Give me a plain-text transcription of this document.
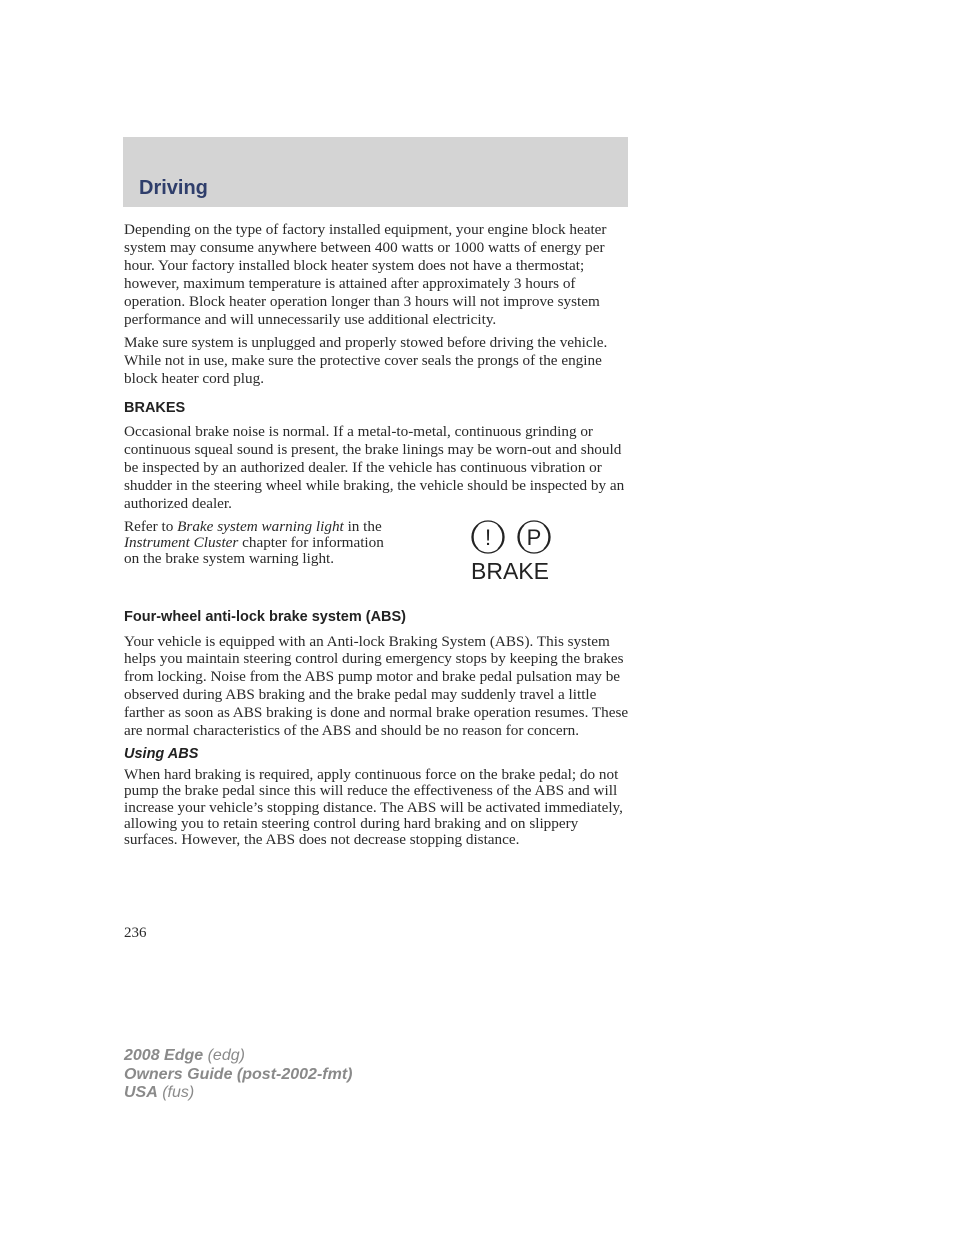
Driving

Depending on the type of factory installed equipment, your engine block heater system may consume anywhere between 400 watts or 1000 watts of energy per hour. Your factory installed block heater system does not have a thermostat; however, maximum temperature is attained after approximately 3 hours of operation. Block heater operation longer than 3 hours will not improve system performance and will unnecessarily use additional electricity.

Make sure system is unplugged and properly stowed before driving the vehicle. While not in use, make sure the protective cover seals the prongs of the engine block heater cord plug.

BRAKES

Occasional brake noise is normal. If a metal-to-metal, continuous grinding or continuous squeal sound is present, the brake linings may be worn-out and should be inspected by an authorized dealer. If the vehicle has continuous vibration or shudder in the steering wheel while braking, the vehicle should be inspected by an authorized dealer.

Refer to Brake system warning light in the Instrument Cluster chapter for information on the brake system warning light.
! P
BRAKE
Four-wheel anti-lock brake system (ABS)

Your vehicle is equipped with an Anti-lock Braking System (ABS). This system helps you maintain steering control during emergency stops by keeping the brakes from locking. Noise from the ABS pump motor and brake pedal pulsation may be observed during ABS braking and the brake pedal may suddenly travel a little farther as soon as ABS braking is done and normal brake operation resumes. These are normal characteristics of the ABS and should be no reason for concern.

Using ABS

When hard braking is required, apply continuous force on the brake pedal; do not pump the brake pedal since this will reduce the effectiveness of the ABS and will increase your vehicle’s stopping distance. The ABS will be activated immediately, allowing you to retain steering control during hard braking and on slippery surfaces. However, the ABS does not decrease stopping distance.

236
2008 Edge (edg)
Owners Guide (post-2002-fmt)
USA (fus)
